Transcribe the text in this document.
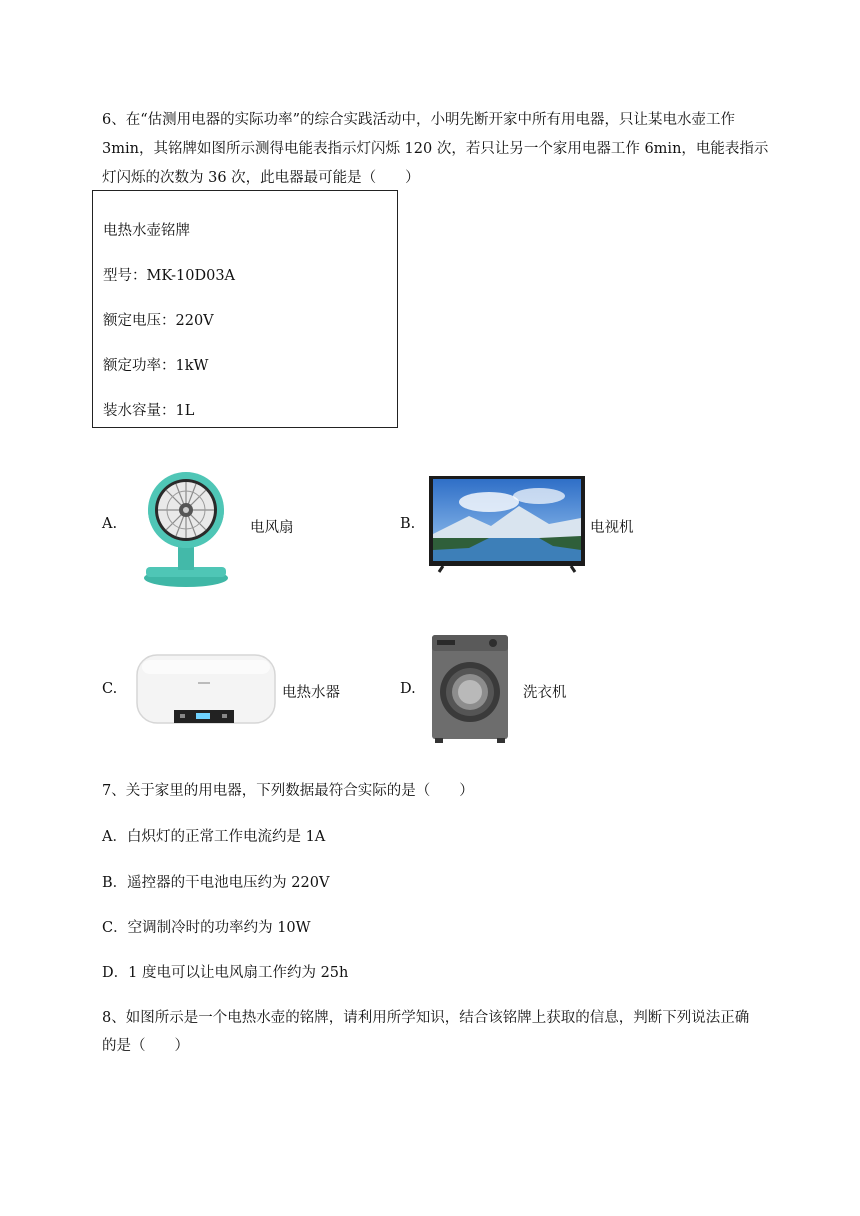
6、在“估测用电器的实际功率”的综合实践活动中，小明先断开家中所有用电器，只让某电水壶工作
3min，其铭牌如图所示测得电能表指示灯闪烁 120 次，若只让另一个家用电器工作 6min，电能表指示
灯闪烁的次数为 36 次，此电器最可能是（　　）
电热水壶铭牌
型号：MK-10D03A
额定电压：220V
额定功率：1kW
装水容量：1L
A.	电风扇	B.	电视机
C.	电热水器	D.	洗衣机
7、关于家里的用电器，下列数据最符合实际的是（　　）
A．白炽灯的正常工作电流约是 1A
B．遥控器的干电池电压约为 220V
C．空调制冷时的功率约为 10W
D．1 度电可以让电风扇工作约为 25h
8、如图所示是一个电热水壶的铭牌，请利用所学知识，结合该铭牌上获取的信息，判断下列说法正确
的是（　　）
